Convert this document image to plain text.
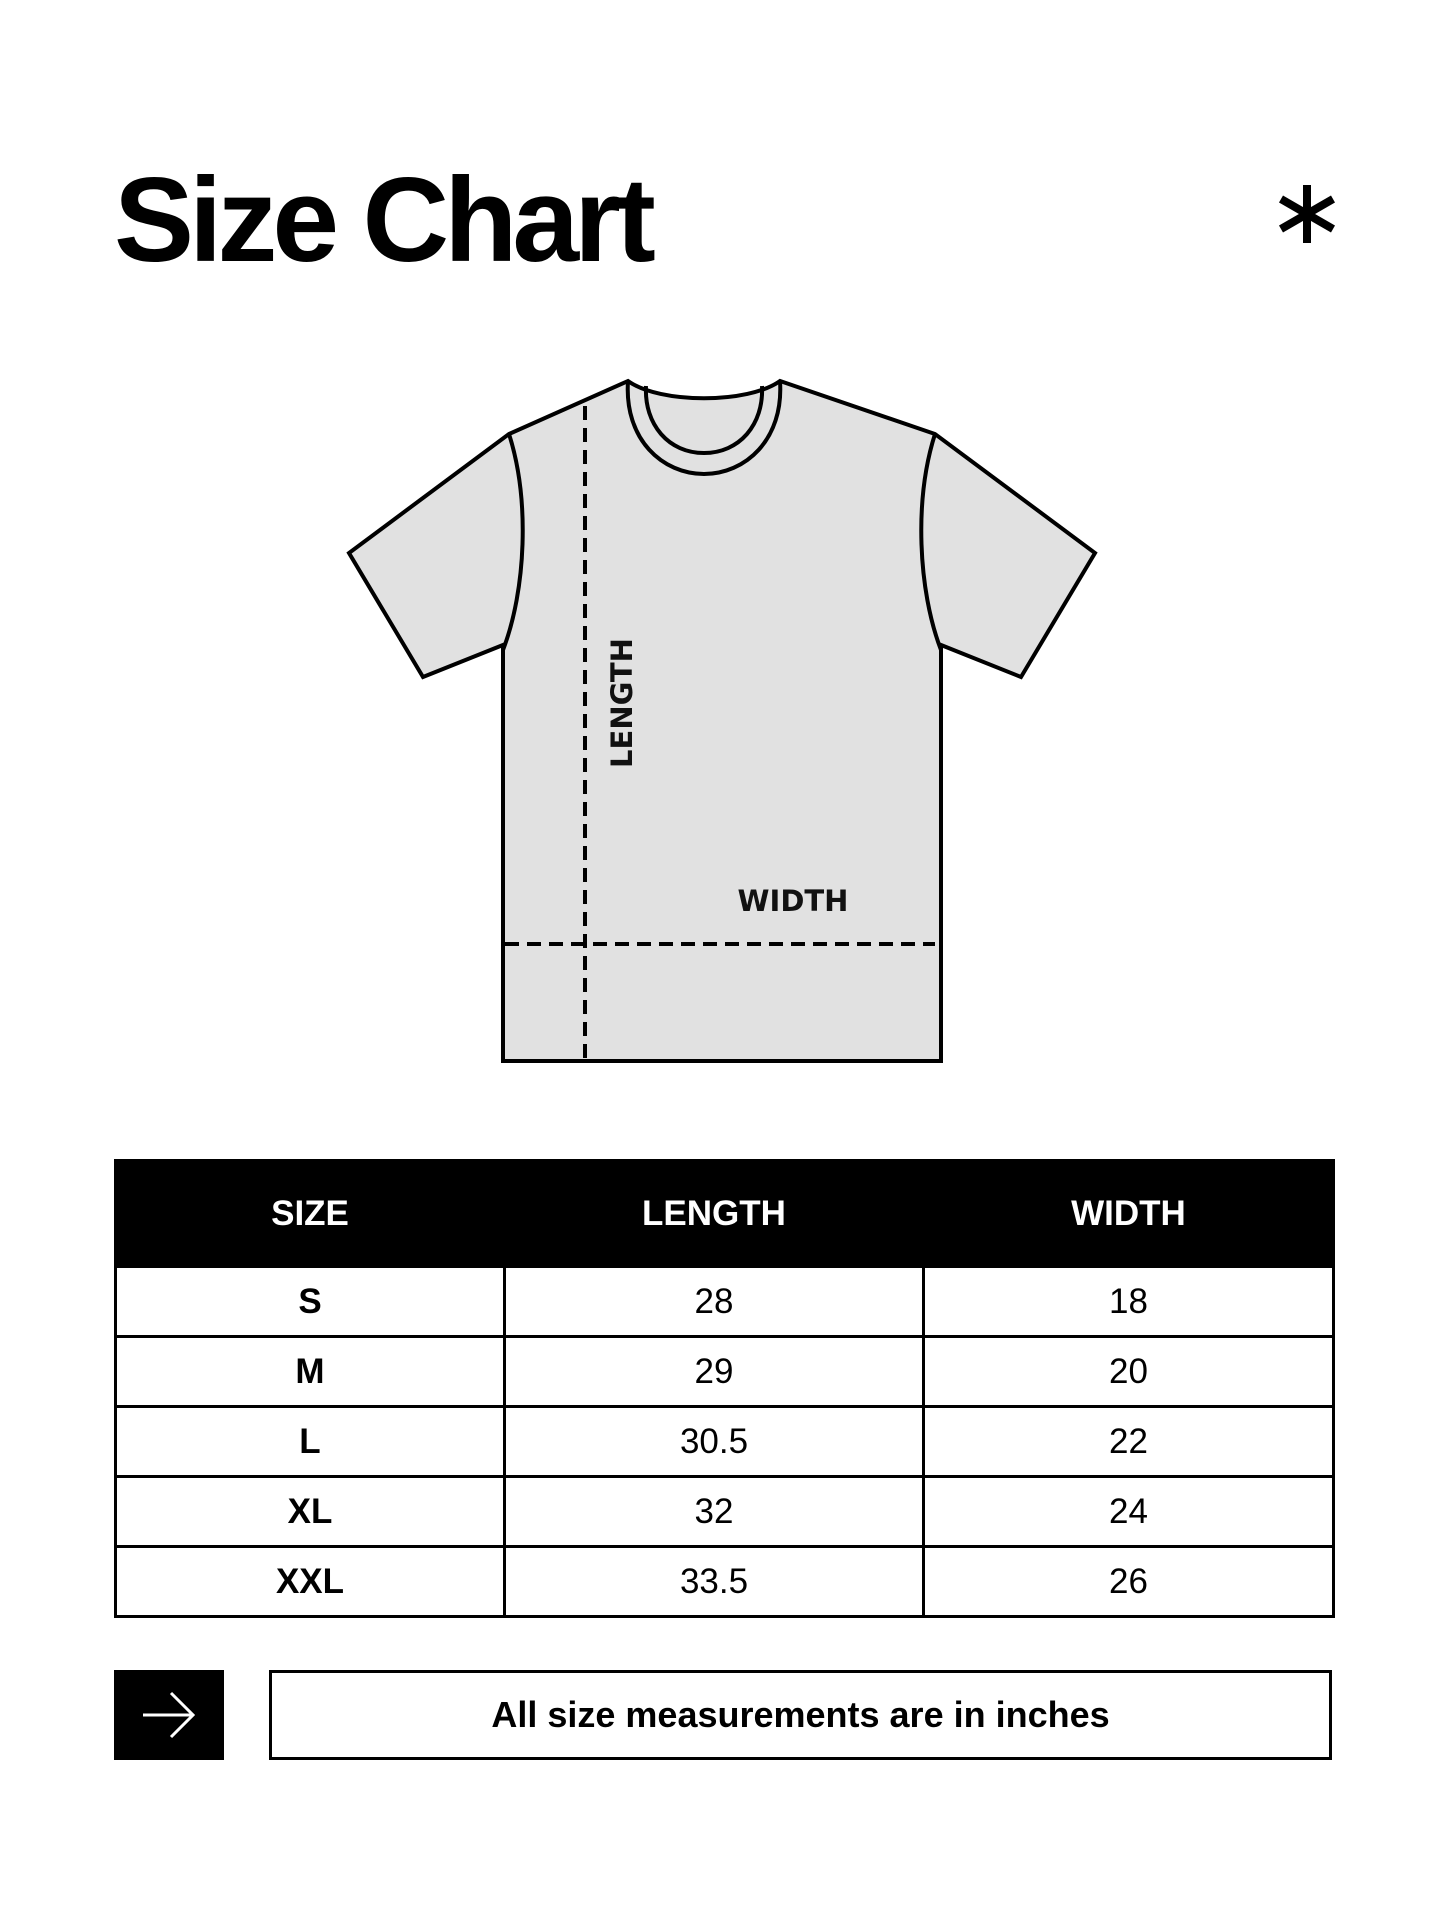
Size Chart
LENGTH
WIDTH
SIZE	LENGTH	WIDTH
S	28	18
M	29	20
L	30.5	22
XL	32	24
XXL	33.5	26
All size measurements are in inches
